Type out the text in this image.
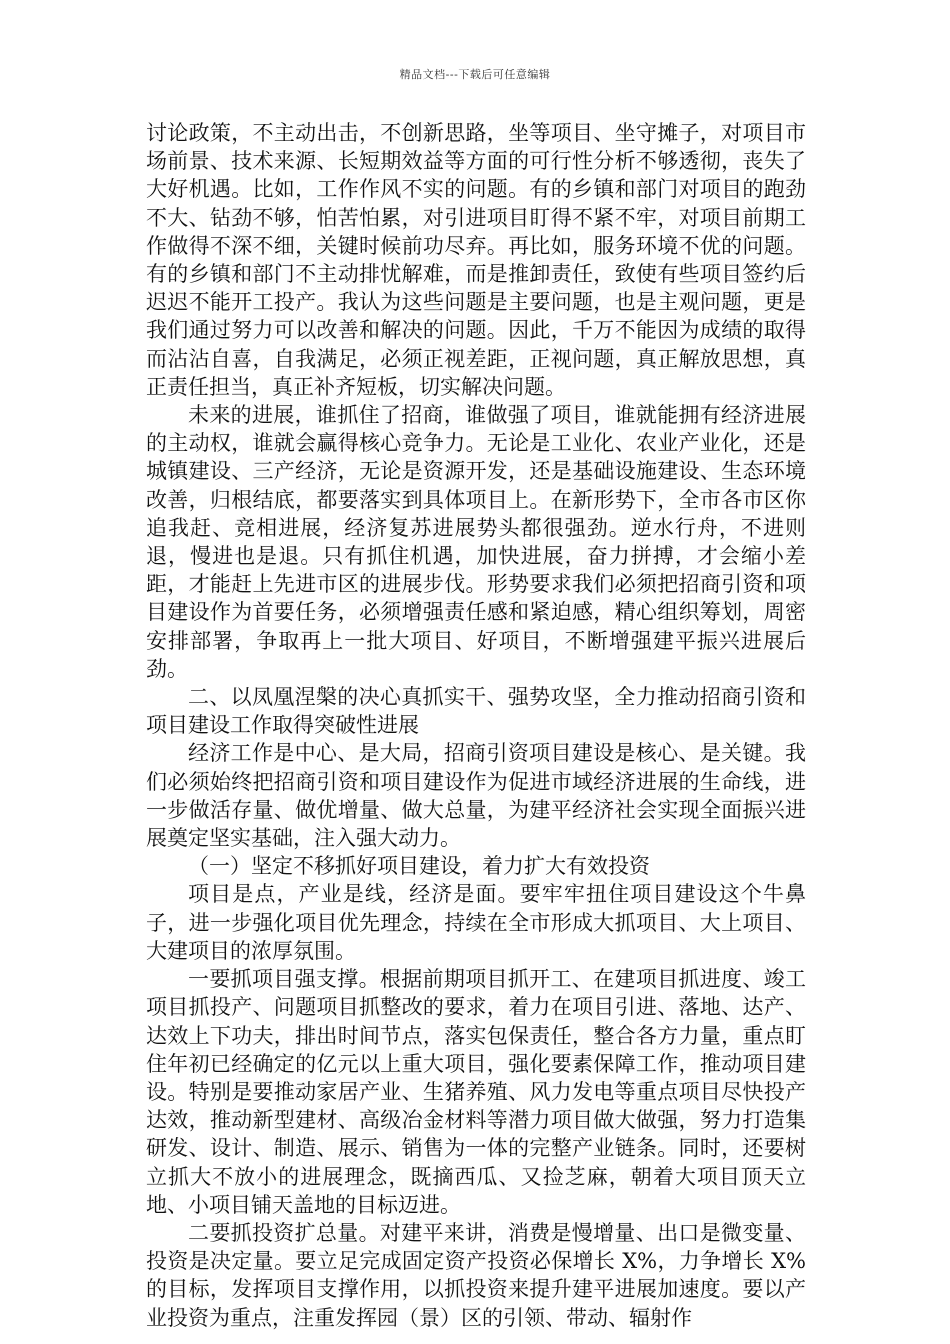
精品文档---下载后可任意编辑

讨论政策，不主动出击，不创新思路，坐等项目、坐守摊子，对项目市场前景、技术来源、长短期效益等方面的可行性分析不够透彻，丧失了大好机遇。比如，工作作风不实的问题。有的乡镇和部门对项目的跑劲不大、钻劲不够，怕苦怕累，对引进项目盯得不紧不牢，对项目前期工作做得不深不细，关键时候前功尽弃。再比如，服务环境不优的问题。有的乡镇和部门不主动排忧解难，而是推卸责任，致使有些项目签约后迟迟不能开工投产。我认为这些问题是主要问题，也是主观问题，更是我们通过努力可以改善和解决的问题。因此，千万不能因为成绩的取得而沾沾自喜，自我满足，必须正视差距，正视问题，真正解放思想，真正责任担当，真正补齐短板，切实解决问题。

未来的进展，谁抓住了招商，谁做强了项目，谁就能拥有经济进展的主动权，谁就会赢得核心竞争力。无论是工业化、农业产业化，还是城镇建设、三产经济，无论是资源开发，还是基础设施建设、生态环境改善，归根结底，都要落实到具体项目上。在新形势下，全市各市区你追我赶、竞相进展，经济复苏进展势头都很强劲。逆水行舟，不进则退，慢进也是退。只有抓住机遇，加快进展，奋力拼搏，才会缩小差距，才能赶上先进市区的进展步伐。形势要求我们必须把招商引资和项目建设作为首要任务，必须增强责任感和紧迫感，精心组织筹划，周密安排部署，争取再上一批大项目、好项目，不断增强建平振兴进展后劲。

二、以凤凰涅槃的决心真抓实干、强势攻坚，全力推动招商引资和项目建设工作取得突破性进展

经济工作是中心、是大局，招商引资项目建设是核心、是关键。我们必须始终把招商引资和项目建设作为促进市域经济进展的生命线，进一步做活存量、做优增量、做大总量，为建平经济社会实现全面振兴进展奠定坚实基础，注入强大动力。

（一）坚定不移抓好项目建设，着力扩大有效投资

项目是点，产业是线，经济是面。要牢牢扭住项目建设这个牛鼻子，进一步强化项目优先理念，持续在全市形成大抓项目、大上项目、大建项目的浓厚氛围。

一要抓项目强支撑。根据前期项目抓开工、在建项目抓进度、竣工项目抓投产、问题项目抓整改的要求，着力在项目引进、落地、达产、达效上下功夫，排出时间节点，落实包保责任，整合各方力量，重点盯住年初已经确定的亿元以上重大项目，强化要素保障工作，推动项目建设。特别是要推动家居产业、生猪养殖、风力发电等重点项目尽快投产达效，推动新型建材、高级冶金材料等潜力项目做大做强，努力打造集研发、设计、制造、展示、销售为一体的完整产业链条。同时，还要树立抓大不放小的进展理念，既摘西瓜、又捡芝麻，朝着大项目顶天立地、小项目铺天盖地的目标迈进。

二要抓投资扩总量。对建平来讲，消费是慢增量、出口是微变量、投资是决定量。要立足完成固定资产投资必保增长 X%，力争增长 X%的目标，发挥项目支撑作用，以抓投资来提升建平进展加速度。要以产业投资为重点，注重发挥园（景）区的引领、带动、辐射作
